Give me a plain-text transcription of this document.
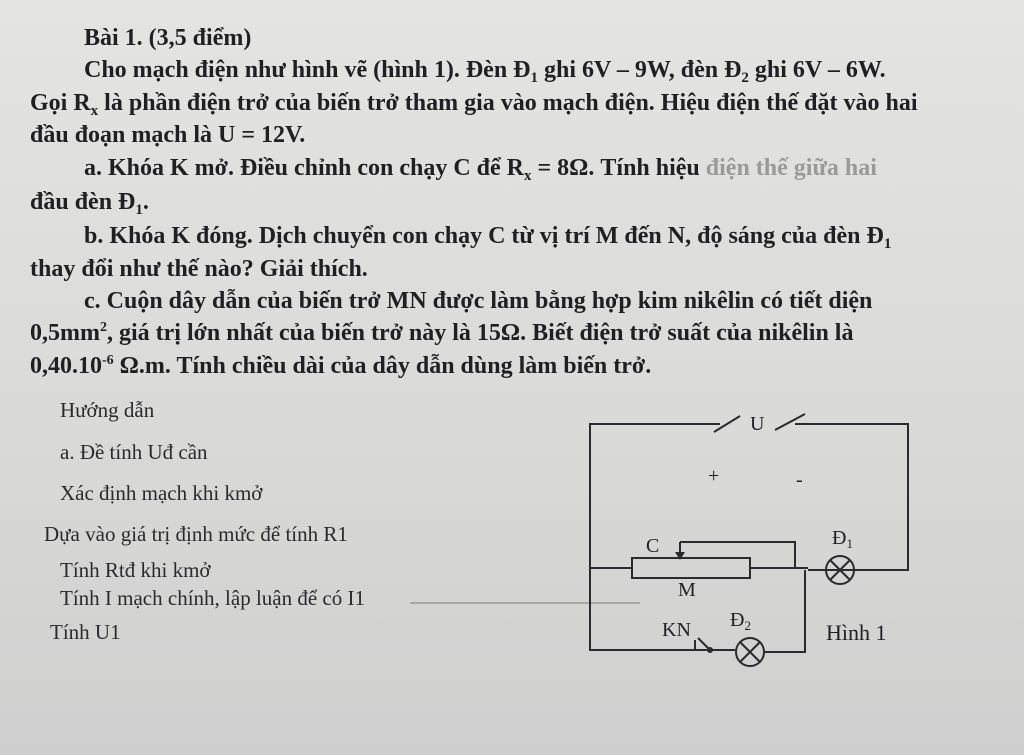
Bài 1. (3,5 điểm)
Cho mạch điện như hình vẽ (hình 1). Đèn $Đ_1$ ghi 6V – 9W, đèn $Đ_2$ ghi 6V – 6W.
Gọi $R_x$ là phần điện trở của biến trở tham gia vào mạch điện. Hiệu điện thế đặt vào hai
đầu đoạn mạch là U = 12V.
a. Khóa K mở. Điều chỉnh con chạy C để $R_x = 8\Omega$. Tính hiệu điện thế giữa hai
đầu đèn $Đ_1$.
b. Khóa K đóng. Dịch chuyển con chạy C từ vị trí M đến N, độ sáng của đèn $Đ_1$
thay đổi như thế nào? Giải thích.
c. Cuộn dây dẫn của biến trở MN được làm bằng hợp kim nikêlin có tiết diện
$0,5mm^2$, giá trị lớn nhất của biến trở này là 15Ω. Biết điện trở suất của nikêlin là
$0,40.10^{-6}$ Ω.m. Tính chiều dài của dây dẫn dùng làm biến trở.
Hướng dẫn
a. Đề tính Uđ cần
Xác định mạch khi kmở
Dựa vào giá trị định mức để tính R1
Tính Rtđ khi kmở
Tính I mạch chính, lập luận để có I1
Tính U1
U
+	-
C	$Đ_1$
M
KN $Đ_2$	Hình 1
